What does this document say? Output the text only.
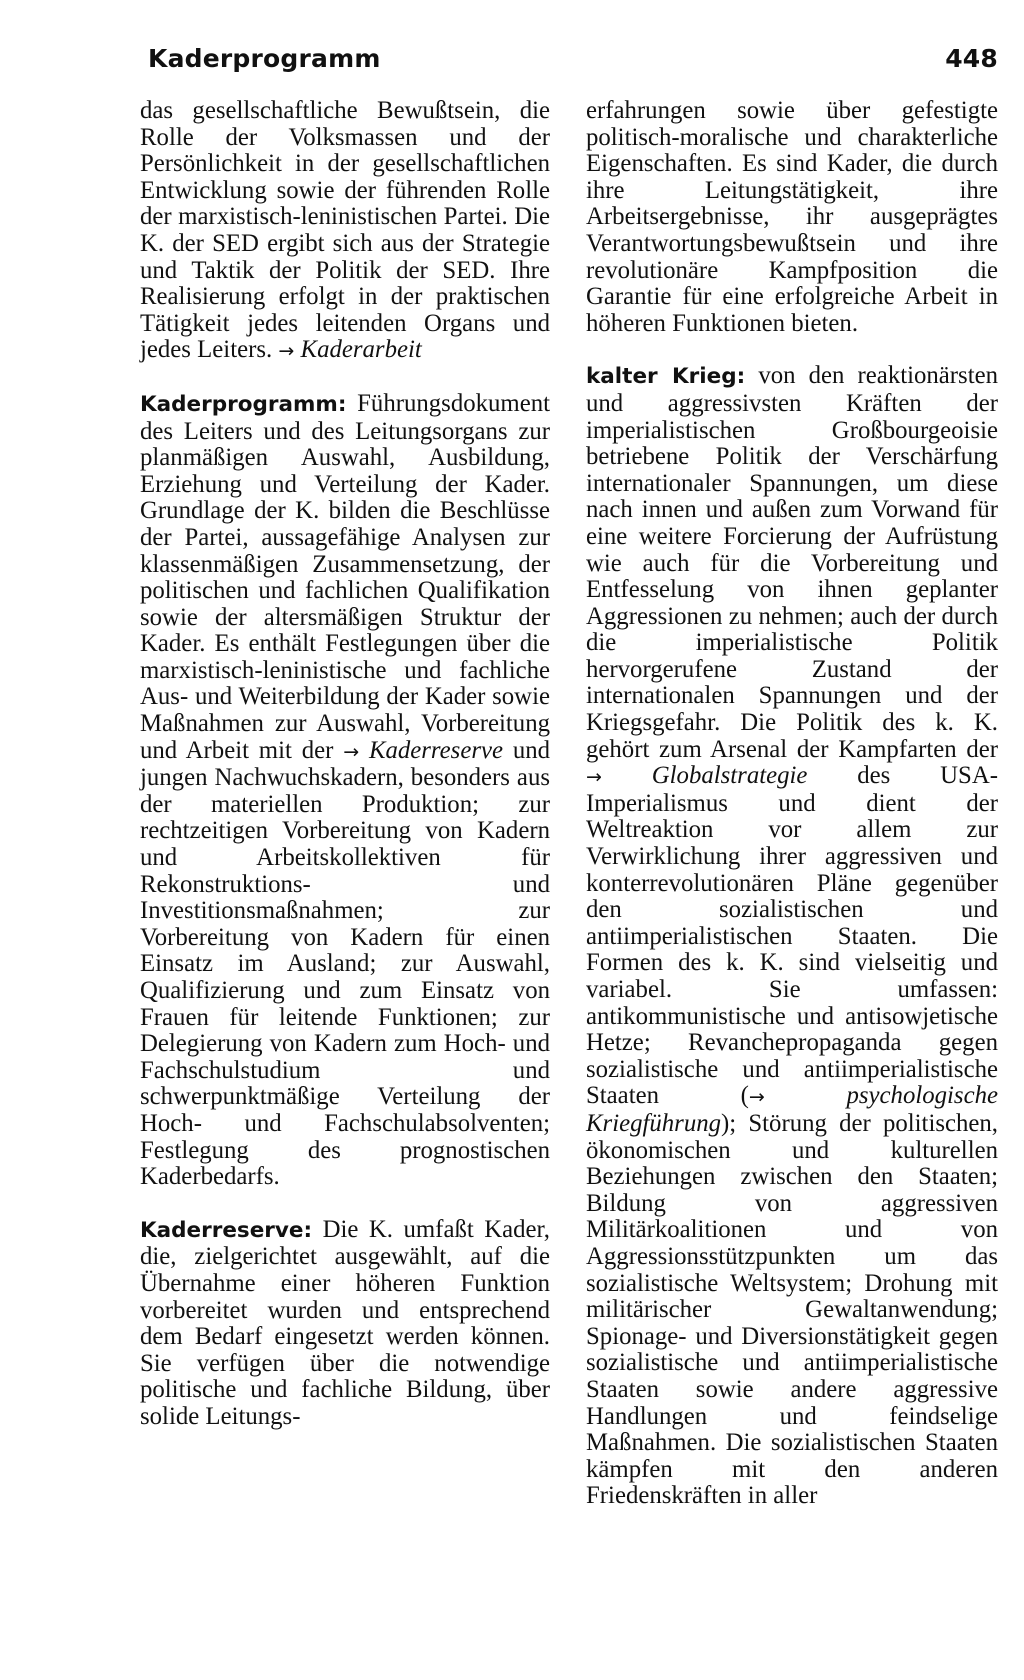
Kaderprogramm	448

das gesellschaftliche Bewußtsein, die Rolle der Volksmassen und der Persönlichkeit in der gesellschaftlichen Entwicklung sowie der führenden Rolle der marxistisch-leninistischen Partei. Die K. der SED ergibt sich aus der Strategie und Taktik der Politik der SED. Ihre Realisierung erfolgt in der praktischen Tätigkeit jedes leitenden Organs und jedes Leiters. → Kaderarbeit

Kaderprogramm: Führungsdokument des Leiters und des Leitungsorgans zur planmäßigen Auswahl, Ausbildung, Erziehung und Verteilung der Kader. Grundlage der K. bilden die Beschlüsse der Partei, aussagefähige Analysen zur klassenmäßigen Zusammensetzung, der politischen und fachlichen Qualifikation sowie der altersmäßigen Struktur der Kader. Es enthält Festlegungen über die marxistisch-leninistische und fachliche Aus- und Weiterbildung der Kader sowie Maßnahmen zur Auswahl, Vorbereitung und Arbeit mit der → Kaderreserve und jungen Nachwuchskadern, besonders aus der materiellen Produktion; zur rechtzeitigen Vorbereitung von Kadern und Arbeitskollektiven für Rekonstruktions- und Investitionsmaßnahmen; zur Vorbereitung von Kadern für einen Einsatz im Ausland; zur Auswahl, Qualifizierung und zum Einsatz von Frauen für leitende Funktionen; zur Delegierung von Kadern zum Hoch- und Fachschulstudium und schwerpunktmäßige Verteilung der Hoch- und Fachschulabsolventen; Festlegung des prognostischen Kaderbedarfs.

Kaderreserve: Die K. umfaßt Kader, die, zielgerichtet ausgewählt, auf die Übernahme einer höheren Funktion vorbereitet wurden und entsprechend dem Bedarf eingesetzt werden können. Sie verfügen über die notwendige politische und fachliche Bildung, über solide Leitungs-

erfahrungen sowie über gefestigte politisch-moralische und charakterliche Eigenschaften. Es sind Kader, die durch ihre Leitungstätigkeit, ihre Arbeitsergebnisse, ihr ausgeprägtes Verantwortungsbewußtsein und ihre revolutionäre Kampfposition die Garantie für eine erfolgreiche Arbeit in höheren Funktionen bieten.

kalter Krieg: von den reaktionärsten und aggressivsten Kräften der imperialistischen Großbourgeoisie betriebene Politik der Verschärfung internationaler Spannungen, um diese nach innen und außen zum Vorwand für eine weitere Forcierung der Aufrüstung wie auch für die Vorbereitung und Entfesselung von ihnen geplanter Aggressionen zu nehmen; auch der durch die imperialistische Politik hervorgerufene Zustand der internationalen Spannungen und der Kriegsgefahr. Die Politik des k. K. gehört zum Arsenal der Kampfarten der → Globalstrategie des USA-Imperialismus und dient der Weltreaktion vor allem zur Verwirklichung ihrer aggressiven und konterrevolutionären Pläne gegenüber den sozialistischen und antiimperialistischen Staaten. Die Formen des k. K. sind vielseitig und variabel. Sie umfassen: antikommunistische und antisowjetische Hetze; Revanchepropaganda gegen sozialistische und antiimperialistische Staaten (→	psychologische Kriegführung); Störung der politischen, ökonomischen und kulturellen Beziehungen zwischen den Staaten; Bildung von aggressiven Militärkoalitionen und von Aggressionsstützpunkten um das sozialistische Weltsystem; Drohung mit militärischer Gewaltanwendung; Spionage- und Diversionstätigkeit gegen sozialistische und antiimperialistische Staaten sowie andere aggressive Handlungen und feindselige Maßnahmen. Die sozialistischen Staaten kämpfen mit den anderen Friedenskräften in aller
